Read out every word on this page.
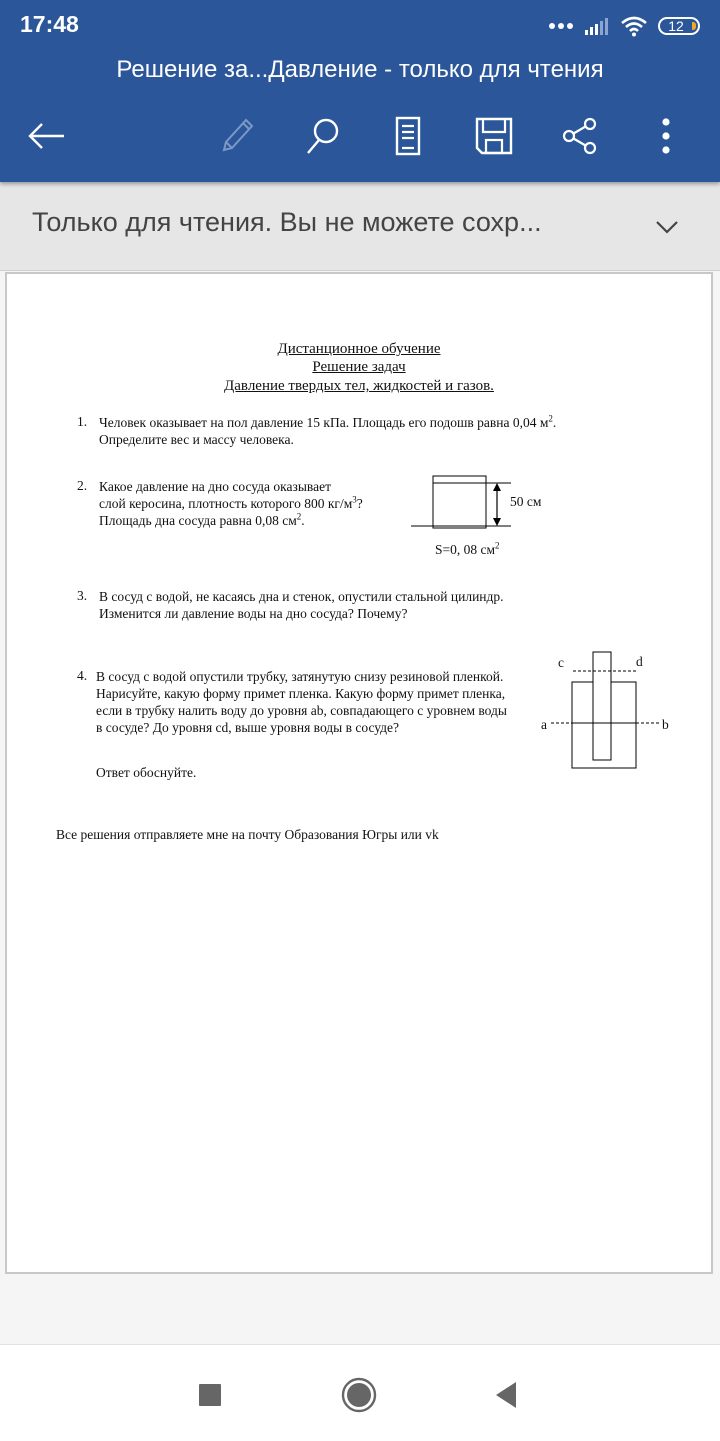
17:48	12
Решение за...Давление - только для чтения
Только для чтения. Вы не можете сохр...
Дистанционное обучение
Решение задач
Давление твердых тел, жидкостей и газов.
1. Человек оказывает на пол давление 15 кПа. Площадь его подошв равна 0,04 $м^2$.
Определите вес и массу человека.
2. Какое давление на дно сосуда оказывает
слой керосина, плотность которого 800 $кг/м^3$?
Площадь дна сосуда равна 0,08 $см^2$.
50 см
S=0, 08 $см^2$
3. В сосуд с водой, не касаясь дна и стенок, опустили стальной цилиндр.
Изменится ли давление воды на дно сосуда? Почему?
4. В сосуд с водой опустили трубку, затянутую снизу резиновой пленкой.
Нарисуйте, какую форму примет пленка. Какую форму примет пленка,
если в трубку налить воду до уровня ab, совпадающего с уровнем воды
в сосуде? До уровня cd, выше уровня воды в сосуде?
Ответ обоснуйте.
c	d
a	b
Все решения отправляете мне на почту Образования Югры или vk
